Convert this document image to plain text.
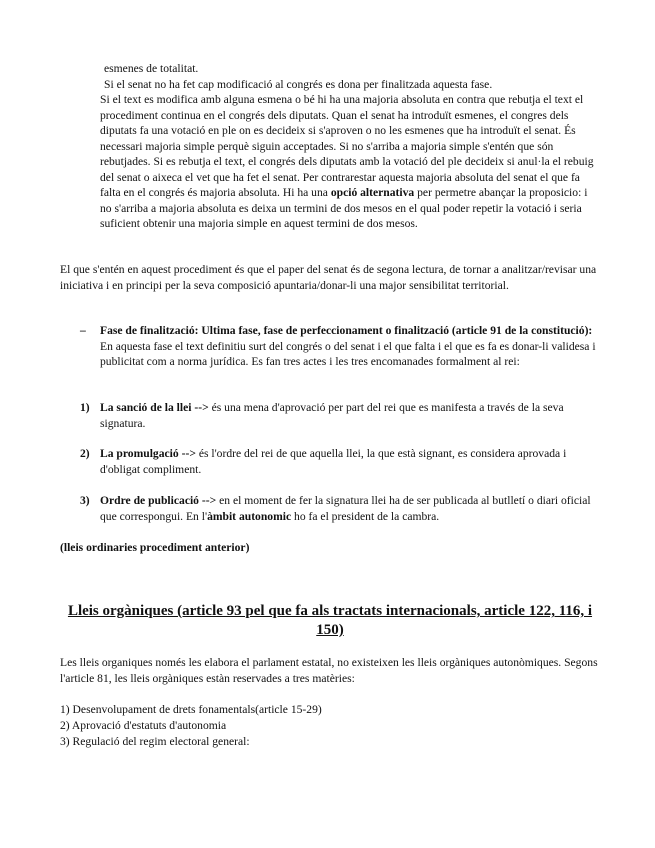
esmenes de totalitat.

Si el senat no ha fet cap modificació al congrés es dona per finalitzada aquesta fase.

Si el text es modifica amb alguna esmena o bé hi ha una majoria absoluta en contra que rebutja el text el procediment continua en el congrés dels diputats. Quan el senat ha introduït esmenes, el congres dels diputats fa una votació en ple on es decideix si s'aproven o no les esmenes que ha introduït el senat. És necessari majoria simple perquè siguin acceptades. Si no s'arriba a majoria simple s'entén que són rebutjades. Si es rebutja el text, el congrés dels diputats amb la votació del ple decideix si anul·la el rebuig del senat o aixeca el vet que ha fet el senat. Per contrarestar aquesta majoria absoluta del senat el que fa falta en el congrés és majoria absoluta. Hi ha una opció alternativa per permetre abançar la proposicio: i no s'arriba a majoria absoluta es deixa un termini de dos mesos en el qual poder repetir la votació i seria suficient obtenir una majoria simple en aquest termini de dos mesos.

El que s'entén en aquest procediment és que el paper del senat és de segona lectura, de tornar a analitzar/revisar una iniciativa i en principi per la seva composició apuntaria/donar-li una major sensibilitat territorial.

– Fase de finalització: Ultima fase, fase de perfeccionament o finalització (article 91 de la constitució): En aquesta fase el text definitiu surt del congrés o del senat i el que falta i el que es fa es donar-li validesa i publicitat com a norma jurídica. Es fan tres actes i les tres encomanades formalment al rei:

1) La sanció de la llei --> és una mena d'aprovació per part del rei que es manifesta a través de la seva signatura.

2) La promulgació --> és l'ordre del rei de que aquella llei, la que està signant, es considera aprovada i d'obligat compliment.

3) Ordre de publicació --> en el moment de fer la signatura llei ha de ser publicada al butlletí o diari oficial que correspongui. En l'àmbit autonomic ho fa el president de la cambra.

(lleis ordinaries procediment anterior)

Lleis orgàniques (article 93 pel que fa als tractats internacionals, article 122, 116, i 150)

Les lleis organiques només les elabora el parlament estatal, no existeixen les lleis orgàniques autonòmiques. Segons l'article 81, les lleis orgàniques estàn reservades a tres matèries:

1) Desenvolupament de drets fonamentals(article 15-29)
2) Aprovació d'estatuts d'autonomia
3) Regulació del regim electoral general:
